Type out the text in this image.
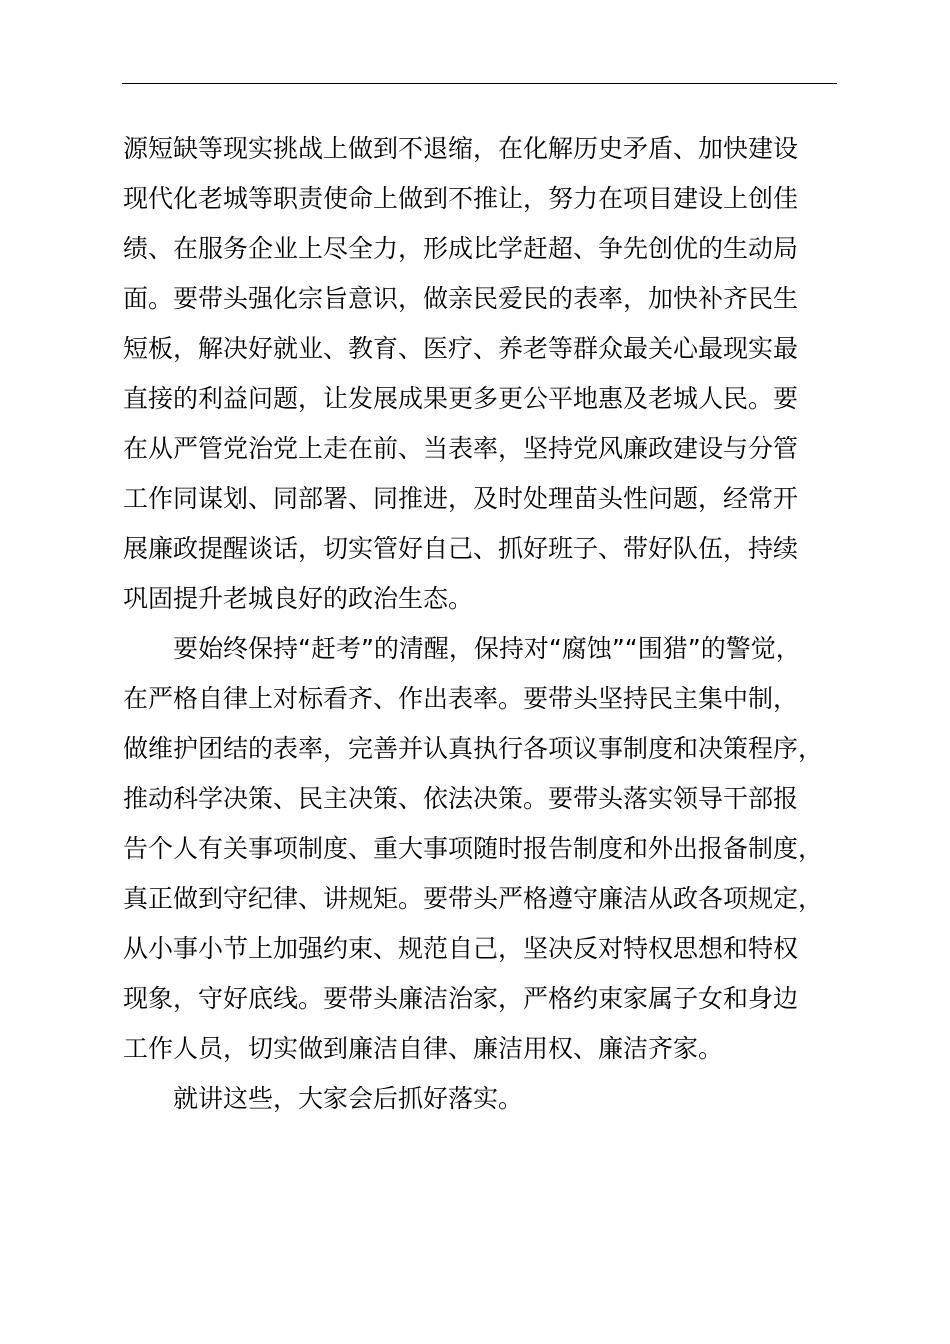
源短缺等现实挑战上做到不退缩，在化解历史矛盾、加快建设
现代化老城等职责使命上做到不推让，努力在项目建设上创佳
绩、在服务企业上尽全力，形成比学赶超、争先创优的生动局
面。要带头强化宗旨意识，做亲民爱民的表率，加快补齐民生
短板，解决好就业、教育、医疗、养老等群众最关心最现实最
直接的利益问题，让发展成果更多更公平地惠及老城人民。要
在从严管党治党上走在前、当表率，坚持党风廉政建设与分管
工作同谋划、同部署、同推进，及时处理苗头性问题，经常开
展廉政提醒谈话，切实管好自己、抓好班子、带好队伍，持续
巩固提升老城良好的政治生态。
要始终保持“赶考”的清醒，保持对“腐蚀”“围猎”的警觉，
在严格自律上对标看齐、作出表率。要带头坚持民主集中制，
做维护团结的表率，完善并认真执行各项议事制度和决策程序，
推动科学决策、民主决策、依法决策。要带头落实领导干部报
告个人有关事项制度、重大事项随时报告制度和外出报备制度，
真正做到守纪律、讲规矩。要带头严格遵守廉洁从政各项规定，
从小事小节上加强约束、规范自己，坚决反对特权思想和特权
现象，守好底线。要带头廉洁治家，严格约束家属子女和身边
工作人员，切实做到廉洁自律、廉洁用权、廉洁齐家。
就讲这些，大家会后抓好落实。
